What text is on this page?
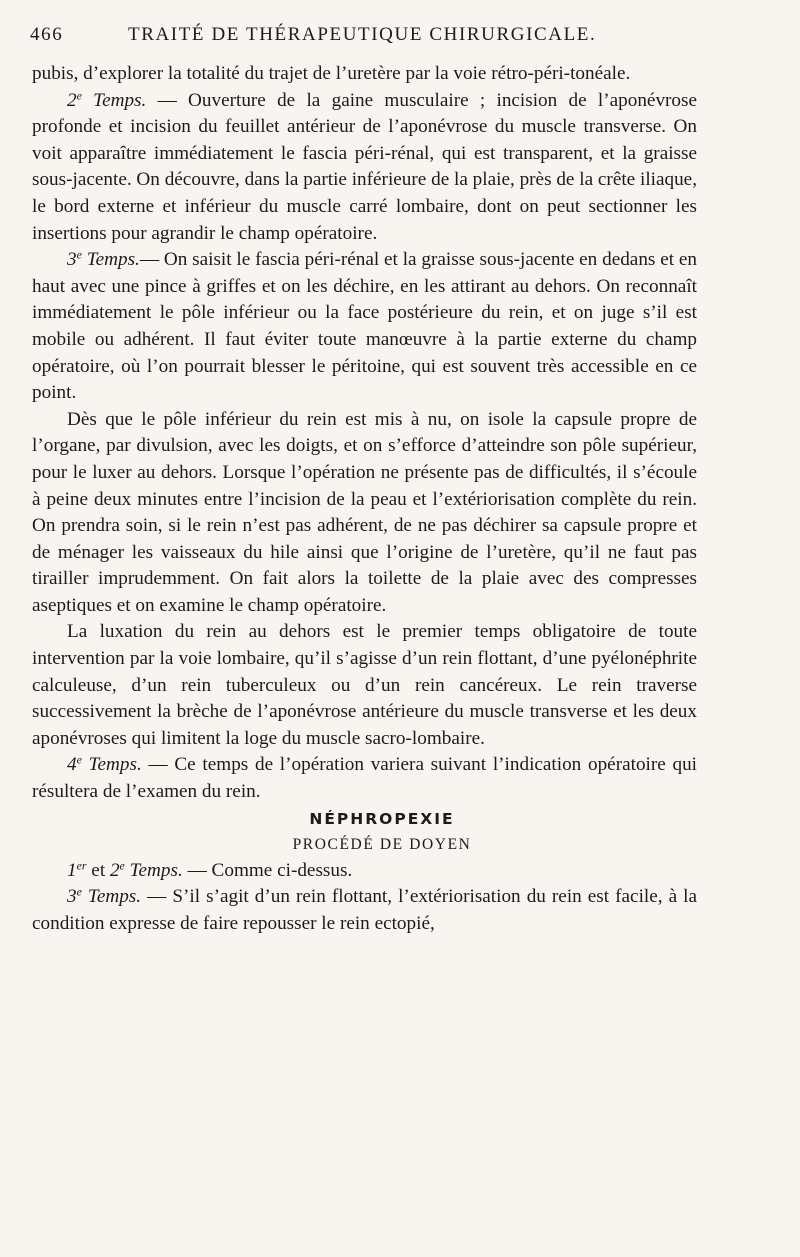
466	TRAITÉ DE THÉRAPEUTIQUE CHIRURGICALE.

pubis, d’explorer la totalité du trajet de l’uretère par la voie rétro-péri-tonéale.

2e Temps. — Ouverture de la gaine musculaire ; incision de l’aponévrose profonde et incision du feuillet antérieur de l’aponévrose du muscle transverse. On voit apparaître immédiatement le fascia péri-rénal, qui est transparent, et la graisse sous-jacente. On découvre, dans la partie inférieure de la plaie, près de la crête iliaque, le bord externe et inférieur du muscle carré lombaire, dont on peut sectionner les insertions pour agrandir le champ opératoire.

3e Temps.— On saisit le fascia péri-rénal et la graisse sous-jacente en dedans et en haut avec une pince à griffes et on les déchire, en les attirant au dehors. On reconnaît immédiatement le pôle inférieur ou la face postérieure du rein, et on juge s’il est mobile ou adhérent. Il faut éviter toute manœuvre à la partie externe du champ opératoire, où l’on pourrait blesser le péritoine, qui est souvent très accessible en ce point.

Dès que le pôle inférieur du rein est mis à nu, on isole la capsule propre de l’organe, par divulsion, avec les doigts, et on s’efforce d’atteindre son pôle supérieur, pour le luxer au dehors. Lorsque l’opération ne présente pas de difficultés, il s’écoule à peine deux minutes entre l’incision de la peau et l’extériorisation complète du rein. On prendra soin, si le rein n’est pas adhérent, de ne pas déchirer sa capsule propre et de ménager les vaisseaux du hile ainsi que l’origine de l’uretère, qu’il ne faut pas tirailler imprudemment. On fait alors la toilette de la plaie avec des compresses aseptiques et on examine le champ opératoire.

La luxation du rein au dehors est le premier temps obligatoire de toute intervention par la voie lombaire, qu’il s’agisse d’un rein flottant, d’une pyélonéphrite calculeuse, d’un rein tuberculeux ou d’un rein cancéreux. Le rein traverse successivement la brèche de l’aponévrose antérieure du muscle transverse et les deux aponévroses qui limitent la loge du muscle sacro-lombaire.

4e Temps. — Ce temps de l’opération variera suivant l’indication opératoire qui résultera de l’examen du rein.

NÉPHROPEXIE

PROCÉDÉ DE DOYEN

1er et 2e Temps. — Comme ci-dessus.

3e Temps. — S’il s’agit d’un rein flottant, l’extériorisation du rein est facile, à la condition expresse de faire repousser le rein ectopié,
